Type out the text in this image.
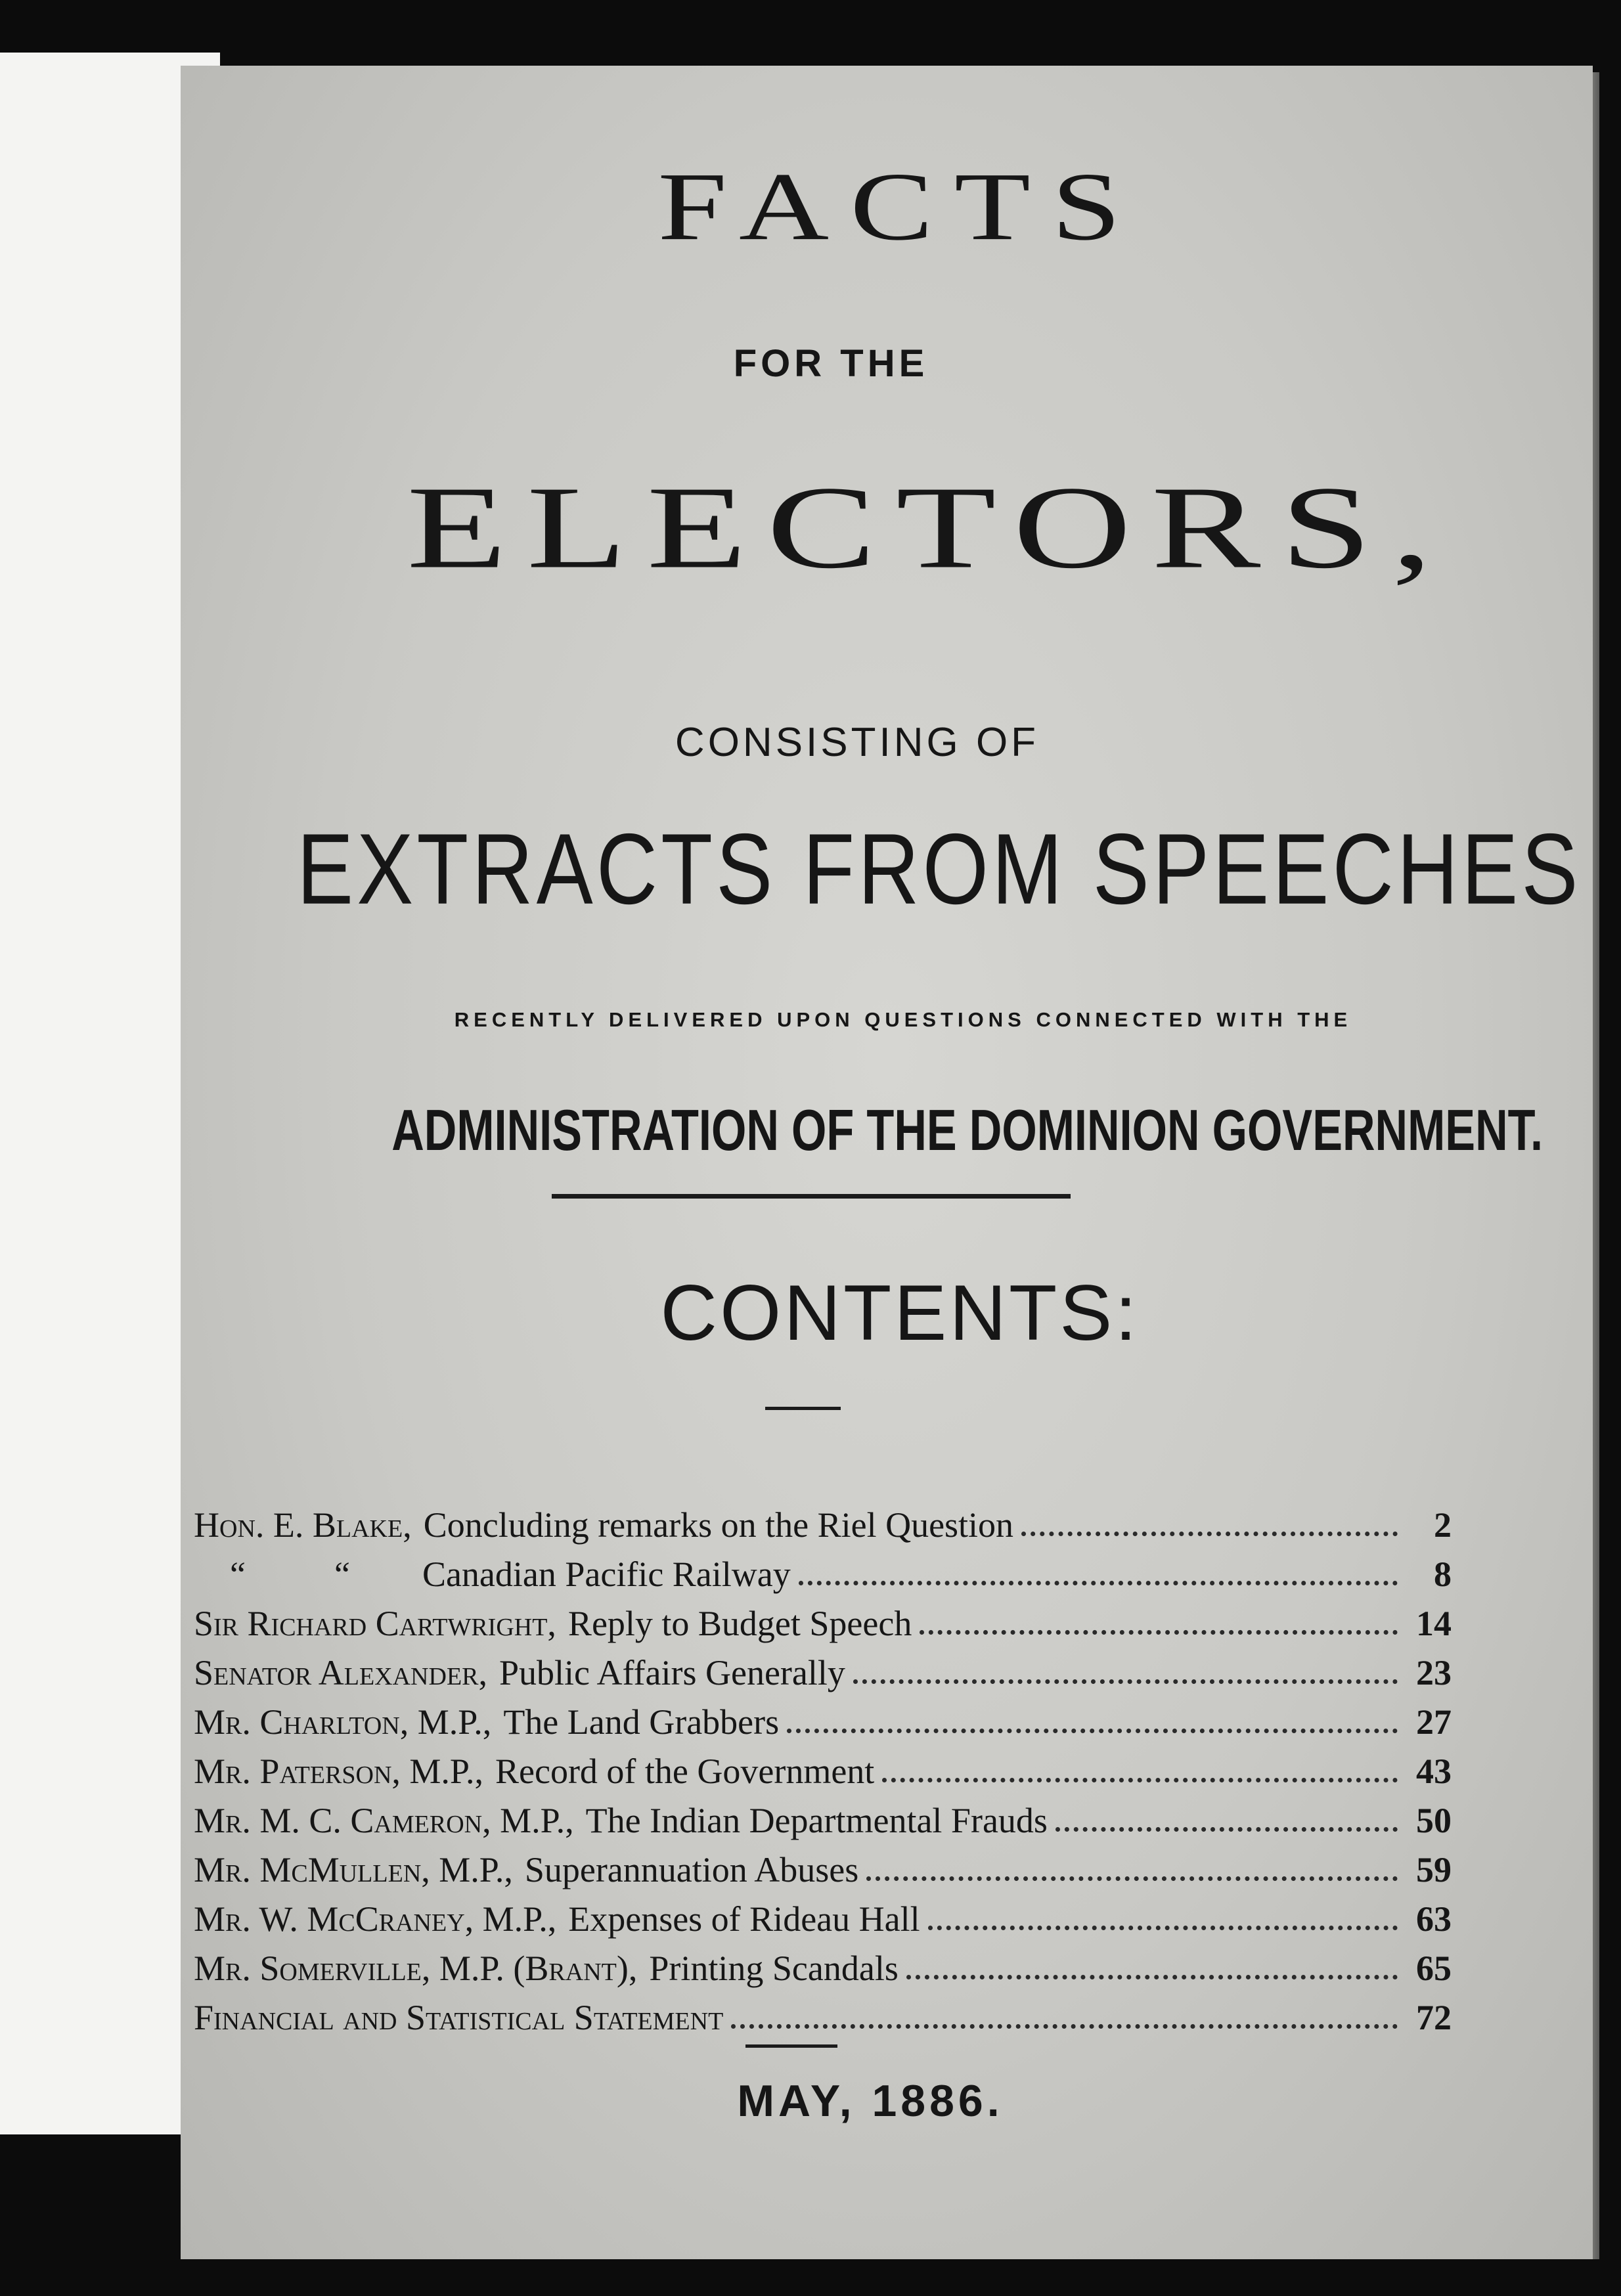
FACTS
FOR THE
ELECTORS,
CONSISTING OF
EXTRACTS FROM SPEECHES
RECENTLY DELIVERED UPON QUESTIONS CONNECTED WITH THE
ADMINISTRATION OF THE DOMINION GOVERNMENT.
CONTENTS:
Hon. E. Blake, Concluding remarks on the Riel Question	2
“          “ Canadian Pacific Railway	8
Sir Richard Cartwright, Reply to Budget Speech	14
Senator Alexander, Public Affairs Generally	23
Mr. Charlton, M.P., The Land Grabbers	27
Mr. Paterson, M.P., Record of the Government	43
Mr. M. C. Cameron, M.P., The Indian Departmental Frauds	50
Mr. McMullen, M.P., Superannuation Abuses	59
Mr. W. McCraney, M.P., Expenses of Rideau Hall	63
Mr. Somerville, M.P. (Brant), Printing Scandals	65
Financial and Statistical Statement	72
MAY, 1886.
